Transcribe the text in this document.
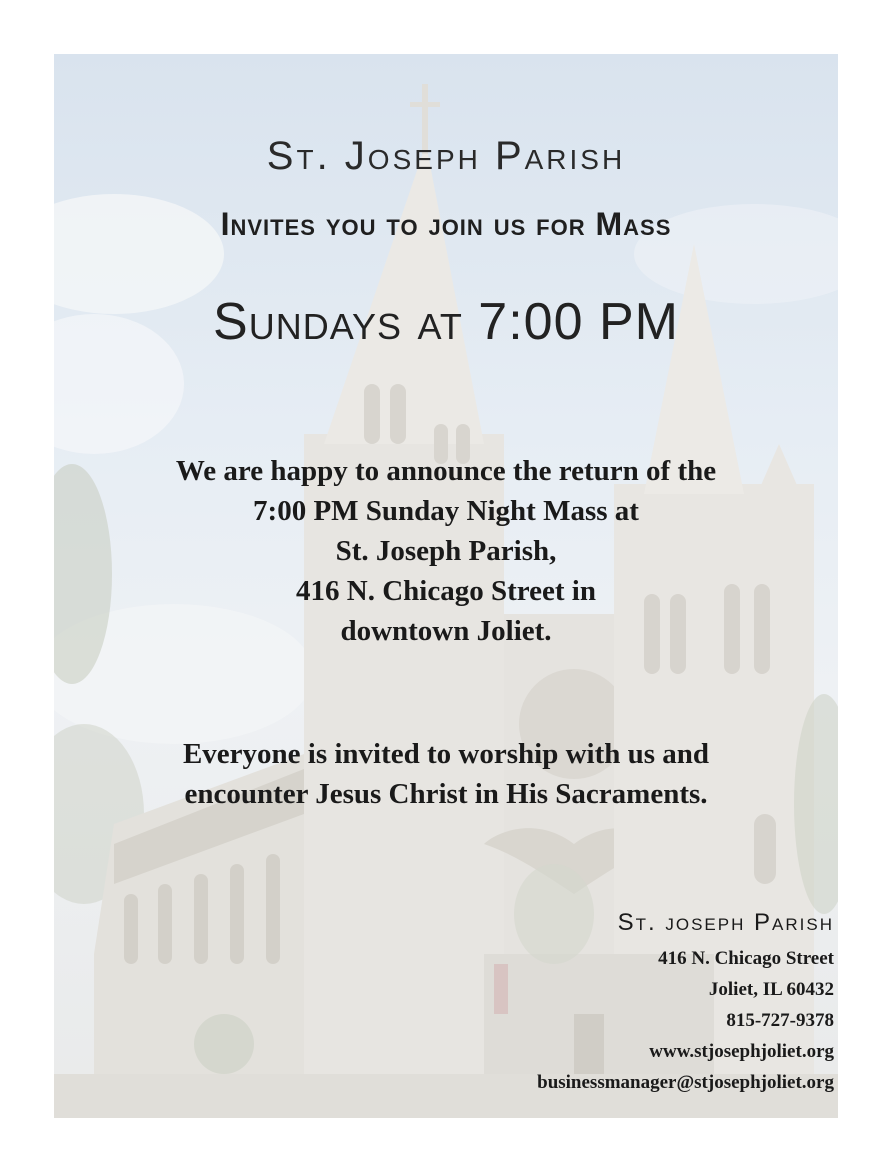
St. Joseph Parish
Invites you to join us for Mass
Sundays at 7:00 PM
We are happy to announce the return of the
7:00 PM Sunday Night Mass at
St. Joseph Parish,
416 N. Chicago Street in
downtown Joliet.
Everyone is invited to worship with us and
encounter Jesus Christ in His Sacraments.
St. joseph Parish
416 N. Chicago Street
Joliet, IL 60432
815-727-9378
www.stjosephjoliet.org
businessmanager@stjosephjoliet.org
